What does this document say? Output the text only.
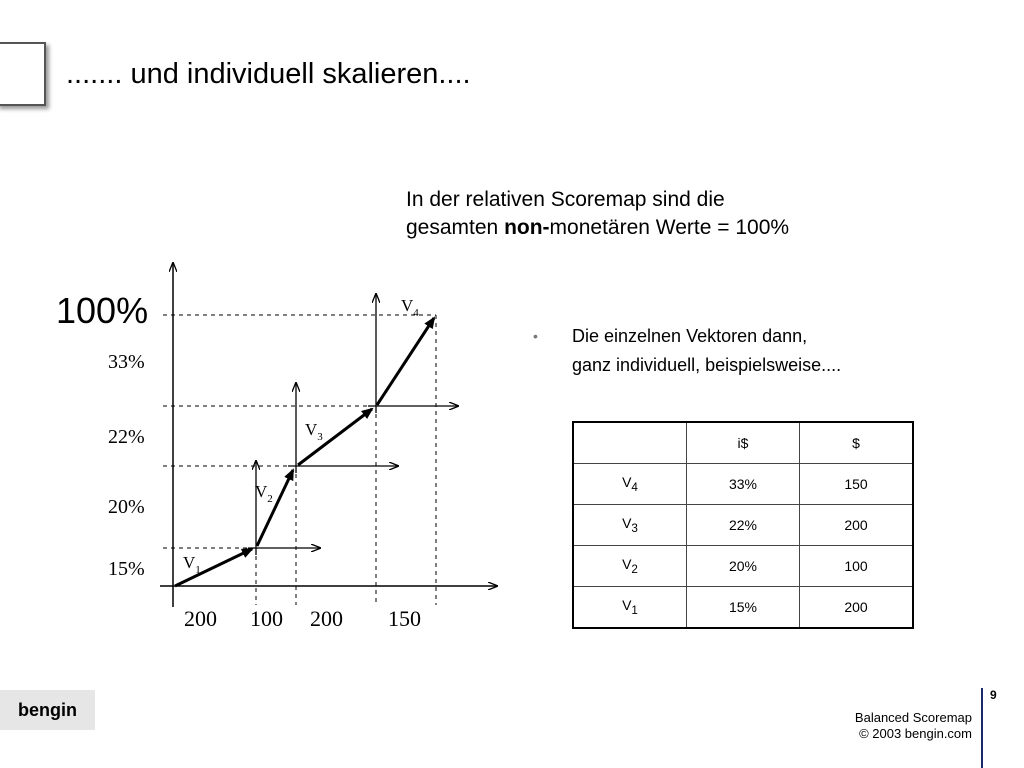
....... und individuell skalieren....
In der relativen Scoremap sind die
gesamten non-monetären Werte = 100%
• Die einzelnen Vektoren dann,
ganz individuell, beispielsweise....
100%
33%
22%
20%
15%
200 100 200 150
$V_1$
$V_2$
$V_3$
$V_4$
	i$	$
$V_4$	33%	150
$V_3$	22%	200
$V_2$	20%	100
$V_1$	15%	200
bengin
9
Balanced Scoremap
© 2003 bengin.com
